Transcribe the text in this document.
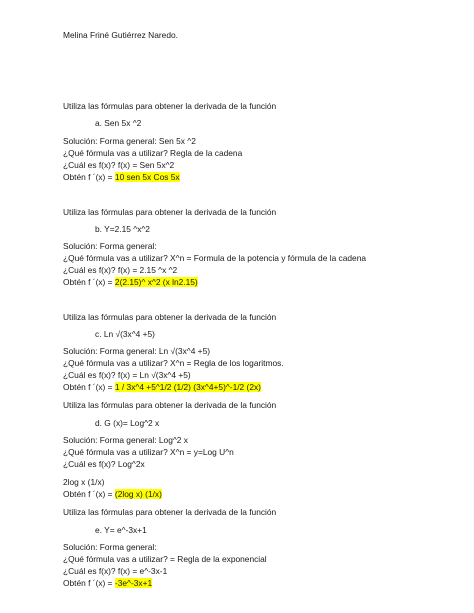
Melina Friné Gutiérrez Naredo.
Utiliza las fórmulas para obtener la derivada de la función
a. Sen 5x ^2
Solución: Forma general: Sen 5x ^2
¿Qué fórmula vas a utilizar? Regla de la cadena
¿Cuál es f(x)? f(x) = Sen 5x^2
Obtén f ´(x) = 10 sen 5x Cos 5x
Utiliza las fórmulas para obtener la derivada de la función
b. Y=2.15 ^x^2
Solución: Forma general:
¿Qué fórmula vas a utilizar? X^n = Formula de la potencia y fórmula de la cadena
¿Cuál es f(x)? f(x) = 2.15 ^x ^2
Obtén f ´(x) = 2(2.15)^ x^2 (x ln2.15)
Utiliza las fórmulas para obtener la derivada de la función
c. Ln √(3x^4 +5)
Solución: Forma general: Ln √(3x^4 +5)
¿Qué fórmula vas a utilizar? X^n = Regla de los logaritmos.
¿Cuál es f(x)? f(x) = Ln √(3x^4 +5)
Obtén f ´(x) = 1 / 3x^4 +5^1/2 (1/2) (3x^4+5)^-1/2 (2x)
Utiliza las fórmulas para obtener la derivada de la función
d. G (x)= Log^2 x
Solución: Forma general: Log^2 x
¿Qué fórmula vas a utilizar? X^n = y=Log U^n
¿Cuál es f(x)? Log^2x
2log x (1/x)
Obtén f ´(x) = (2log x) (1/x)
Utiliza las fórmulas para obtener la derivada de la función
e. Y= e^-3x+1
Solución: Forma general:
¿Qué fórmula vas a utilizar? = Regla de la exponencial
¿Cuál es f(x)? f(x) = e^-3x-1
Obtén f ´(x) = -3e^-3x+1
